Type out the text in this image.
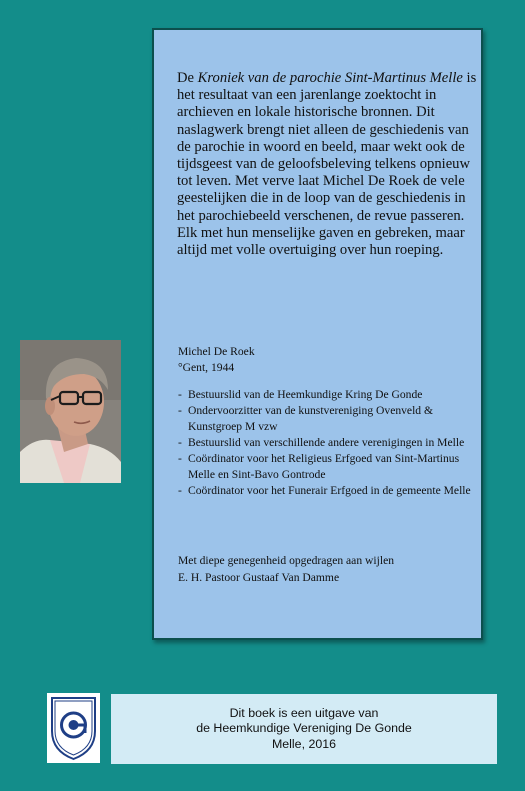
De Kroniek van de parochie Sint-Martinus Melle is het resultaat van een jarenlange zoektocht in archieven en lokale historische bronnen. Dit naslagwerk brengt niet alleen de geschiedenis van de parochie in woord en beeld, maar wekt ook de tijdsgeest van de geloofsbeleving telkens opnieuw tot leven. Met verve laat Michel De Roek de vele geestelijken die in de loop van de geschiedenis in het parochiebeeld verschenen, de revue passeren. Elk met hun menselijke gaven en gebreken, maar altijd met volle overtuiging over hun roeping.

Michel De Roek

°Gent, 1944

- Bestuurslid van de Heemkundige Kring De Gonde
- Ondervoorzitter van de kunstvereniging Ovenveld & Kunstgroep M vzw
- Bestuurslid van verschillende andere verenigingen in Melle
- Coördinator voor het Religieus Erfgoed van Sint-Martinus Melle en Sint-Bavo Gontrode
- Coördinator voor het Funerair Erfgoed in de gemeente Melle

Met diepe genegenheid opgedragen aan wijlen

E. H. Pastoor Gustaaf Van Damme

Dit boek is een uitgave van
de Heemkundige Vereniging De Gonde
Melle, 2016
